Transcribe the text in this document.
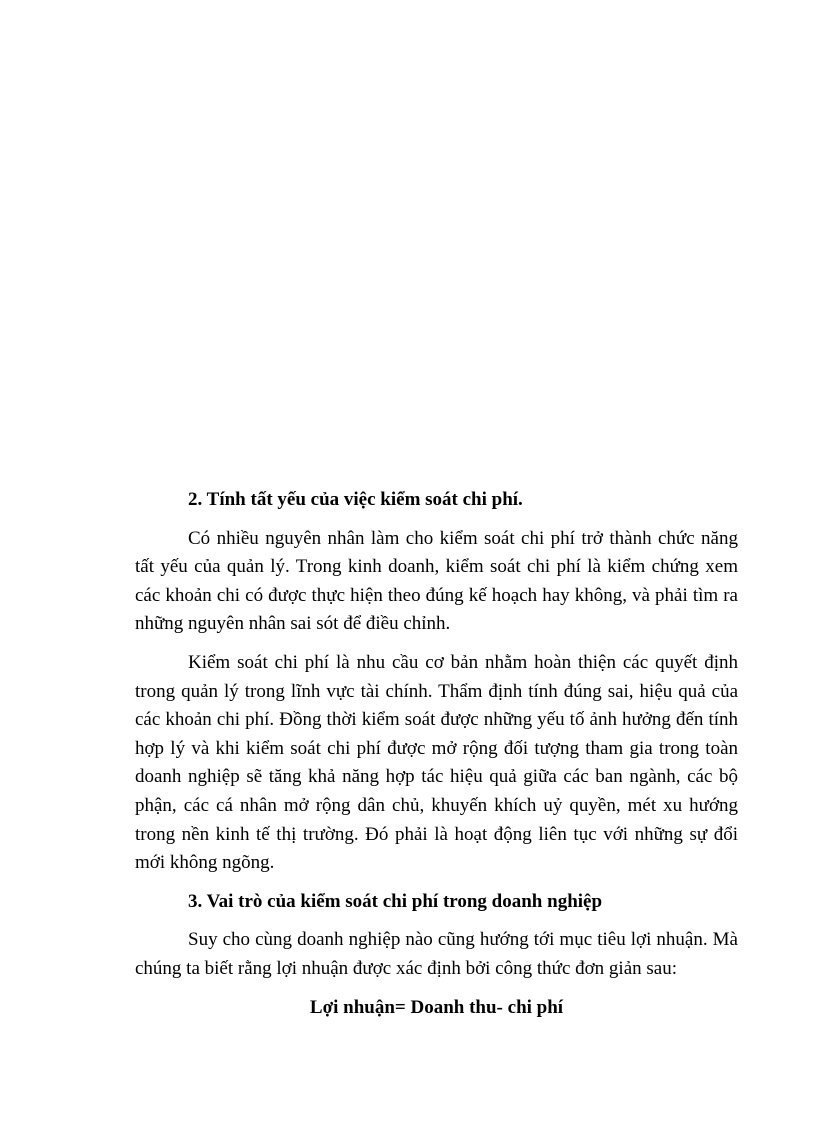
2. Tính tất yếu của việc kiểm soát chi phí.

Có nhiều nguyên nhân làm cho kiểm soát chi phí trở thành chức năng tất yếu của quản lý. Trong kinh doanh, kiểm soát chi phí là kiểm chứng xem các khoản chi có được thực hiện theo đúng kế hoạch hay không, và phải tìm ra những nguyên nhân sai sót để điều chỉnh.

Kiểm soát chi phí là nhu cầu cơ bản nhằm hoàn thiện các quyết định trong quản lý trong lĩnh vực tài chính. Thẩm định tính đúng sai, hiệu quả của các khoản chi phí. Đồng thời kiểm soát được những yếu tố ảnh hưởng đến tính hợp lý và khi kiểm soát chi phí được mở rộng đối tượng tham gia trong toàn doanh nghiệp sẽ tăng khả năng hợp tác hiệu quả giữa các ban ngành, các bộ phận, các cá nhân mở rộng dân chủ, khuyến khích uỷ quyền, mét xu hướng trong nền kinh tế thị trường. Đó phải là hoạt động liên tục với những sự đổi mới không ngõng.

3. Vai trò của kiểm soát chi phí trong doanh nghiệp

Suy cho cùng doanh nghiệp nào cũng hướng tới mục tiêu lợi nhuận. Mà chúng ta biết rằng lợi nhuận được xác định bởi công thức đơn giản sau:

Lợi nhuận= Doanh thu- chi phí
